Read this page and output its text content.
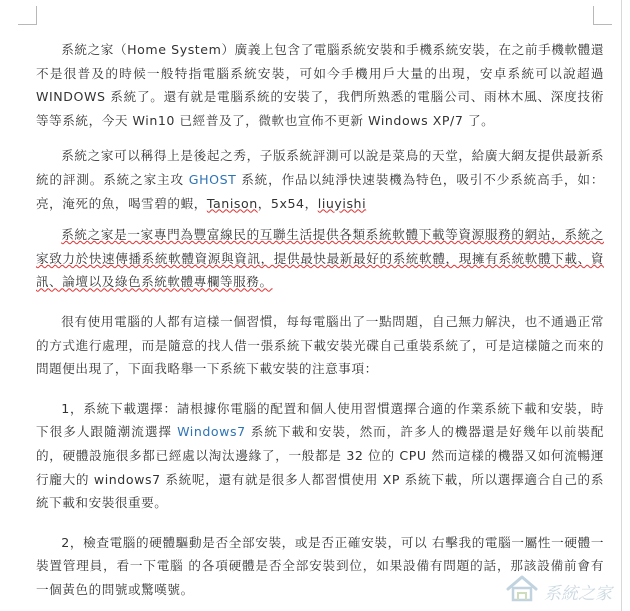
系統之家（Home System）廣義上包含了電腦系統安裝和手機系統安裝，在之前手機軟體還不是很普及的時候一般特指電腦系統安裝，可如今手機用戶大量的出現，安卓系統可以說超過 WINDOWS 系統了。還有就是電腦系統的安裝了，我們所熟悉的電腦公司、雨林木風、深度技術等等系統，今天 Win10 已經普及了，微軟也宣佈不更新 Windows XP/7 了。

系統之家可以稱得上是後起之秀，子版系統評測可以說是菜鳥的天堂，給廣大網友提供最新系統的評測。系統之家主攻 GHOST 系統，作品以純淨快速裝機為特色，吸引不少系統高手，如：亮，淹死的魚，喝雪碧的蝦，Tanison，5x54，liuyishi

系統之家是一家專門為豐富線民的互聯生活提供各類系統軟體下載等資源服務的網站，系統之家致力於快速傳播系統軟體資源與資訊，提供最快最新最好的系統軟體，現擁有系統軟體下載、資訊、論壇以及綠色系統軟體專欄等服務。

很有使用電腦的人都有這樣一個習慣，每每電腦出了一點問題，自己無力解決，也不通過正常的方式進行處理，而是隨意的找人借一張系統下載安裝光碟自己重裝系統了，可是這樣隨之而來的問題便出現了，下面我略舉一下系統下載安裝的注意事項：

1，系統下載選擇：請根據你電腦的配置和個人使用習慣選擇合適的作業系統下載和安裝，時下很多人跟隨潮流選擇 Windows7 系統下載和安裝，然而，許多人的機器還是好幾年以前裝配的，硬體設施很多都已經處以淘汰邊緣了，一般都是 32 位的 CPU 然而這樣的機器又如何流暢運行龐大的 windows7 系統呢，還有就是很多人都習慣使用 XP 系統下載，所以選擇適合自己的系統下載和安裝很重要。

2，檢查電腦的硬體驅動是否全部安裝，或是否正確安裝，可以 右擊我的電腦一屬性一硬體一裝置管理員，看一下電腦 的各項硬體是否全部安裝到位，如果設備有問題的話，那該設備前會有一個黃色的問號或驚嘆號。	系統之家
